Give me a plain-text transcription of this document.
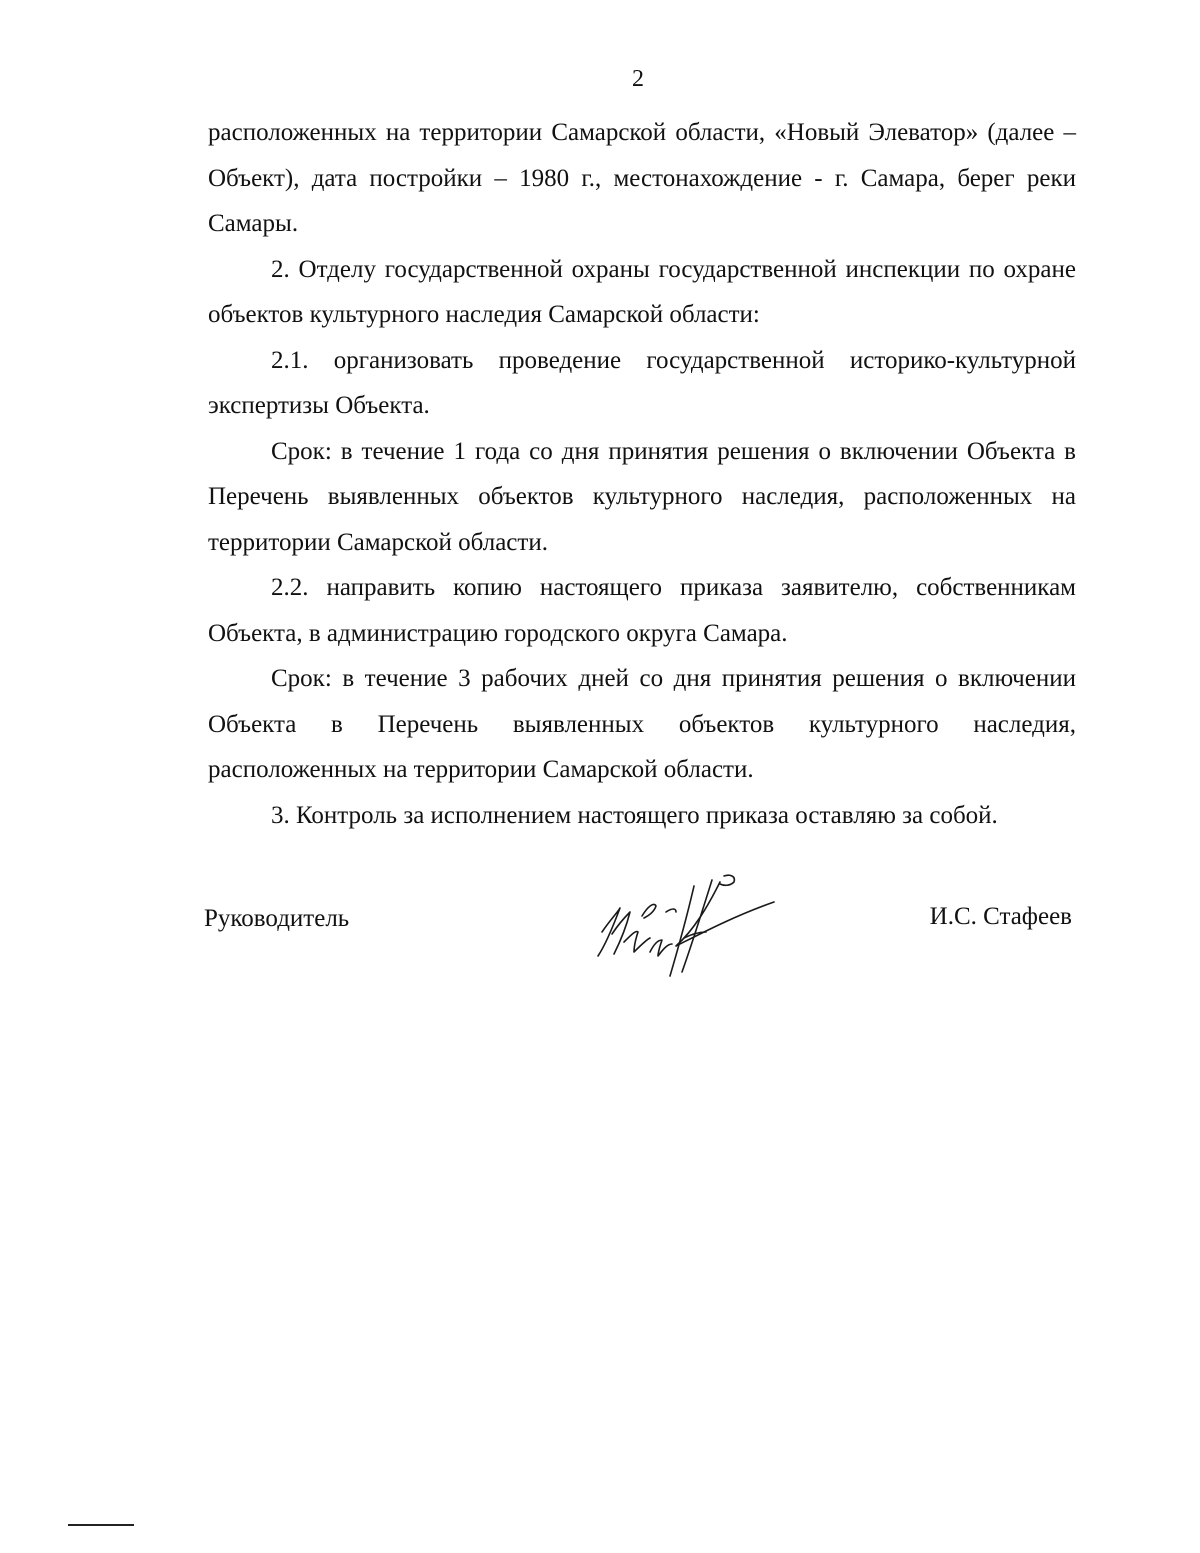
2

расположенных на территории Самарской области, «Новый Элеватор» (далее – Объект), дата постройки – 1980 г., местонахождение - г. Самара, берег реки Самары.

2. Отделу государственной охраны государственной инспекции по охране объектов культурного наследия Самарской области:

2.1. организовать проведение государственной историко-культурной экспертизы Объекта.

Срок: в течение 1 года со дня принятия решения о включении Объекта в Перечень выявленных объектов культурного наследия, расположенных на территории Самарской области.

2.2. направить копию настоящего приказа заявителю, собственникам Объекта, в администрацию городского округа Самара.

Срок: в течение 3 рабочих дней со дня принятия решения о включении Объекта в Перечень выявленных объектов культурного наследия, расположенных на территории Самарской области.

3. Контроль за исполнением настоящего приказа оставляю за собой.

Руководитель	И.С. Стафеев
